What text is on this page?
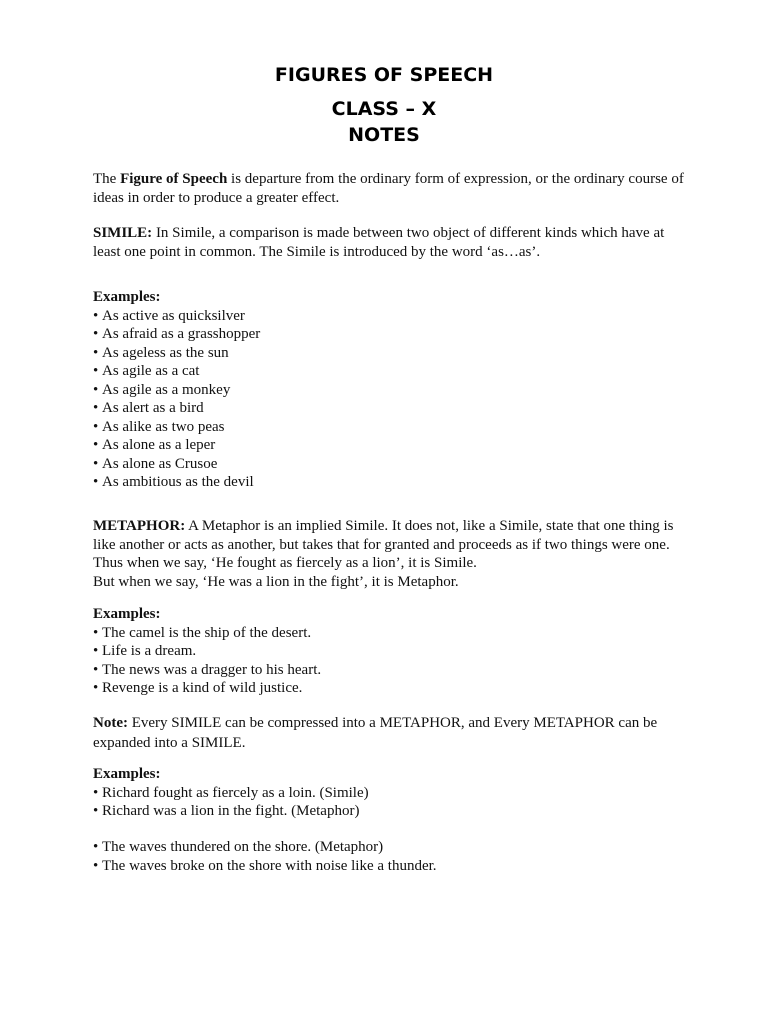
FIGURES OF SPEECH
CLASS – X
NOTES

The Figure of Speech is departure from the ordinary form of expression, or the ordinary course of ideas in order to produce a greater effect.

SIMILE: In Simile, a comparison is made between two object of different kinds which have at least one point in common. The Simile is introduced by the word ‘as…as’.

Examples:
• As active as quicksilver
• As afraid as a grasshopper
• As ageless as the sun
• As agile as a cat
• As agile as a monkey
• As alert as a bird
• As alike as two peas
• As alone as a leper
• As alone as Crusoe
• As ambitious as the devil

METAPHOR: A Metaphor is an implied Simile. It does not, like a Simile, state that one thing is like another or acts as another, but takes that for granted and proceeds as if two things were one. Thus when we say, ‘He fought as fiercely as a lion’, it is Simile.

But when we say, ‘He was a lion in the fight’, it is Metaphor.

Examples:
• The camel is the ship of the desert.
• Life is a dream.
• The news was a dragger to his heart.
• Revenge is a kind of wild justice.

Note: Every SIMILE can be compressed into a METAPHOR, and Every METAPHOR can be expanded into a SIMILE.

Examples:
• Richard fought as fiercely as a loin. (Simile)
• Richard was a lion in the fight. (Metaphor)
• The waves thundered on the shore. (Metaphor)
• The waves broke on the shore with noise like a thunder.
